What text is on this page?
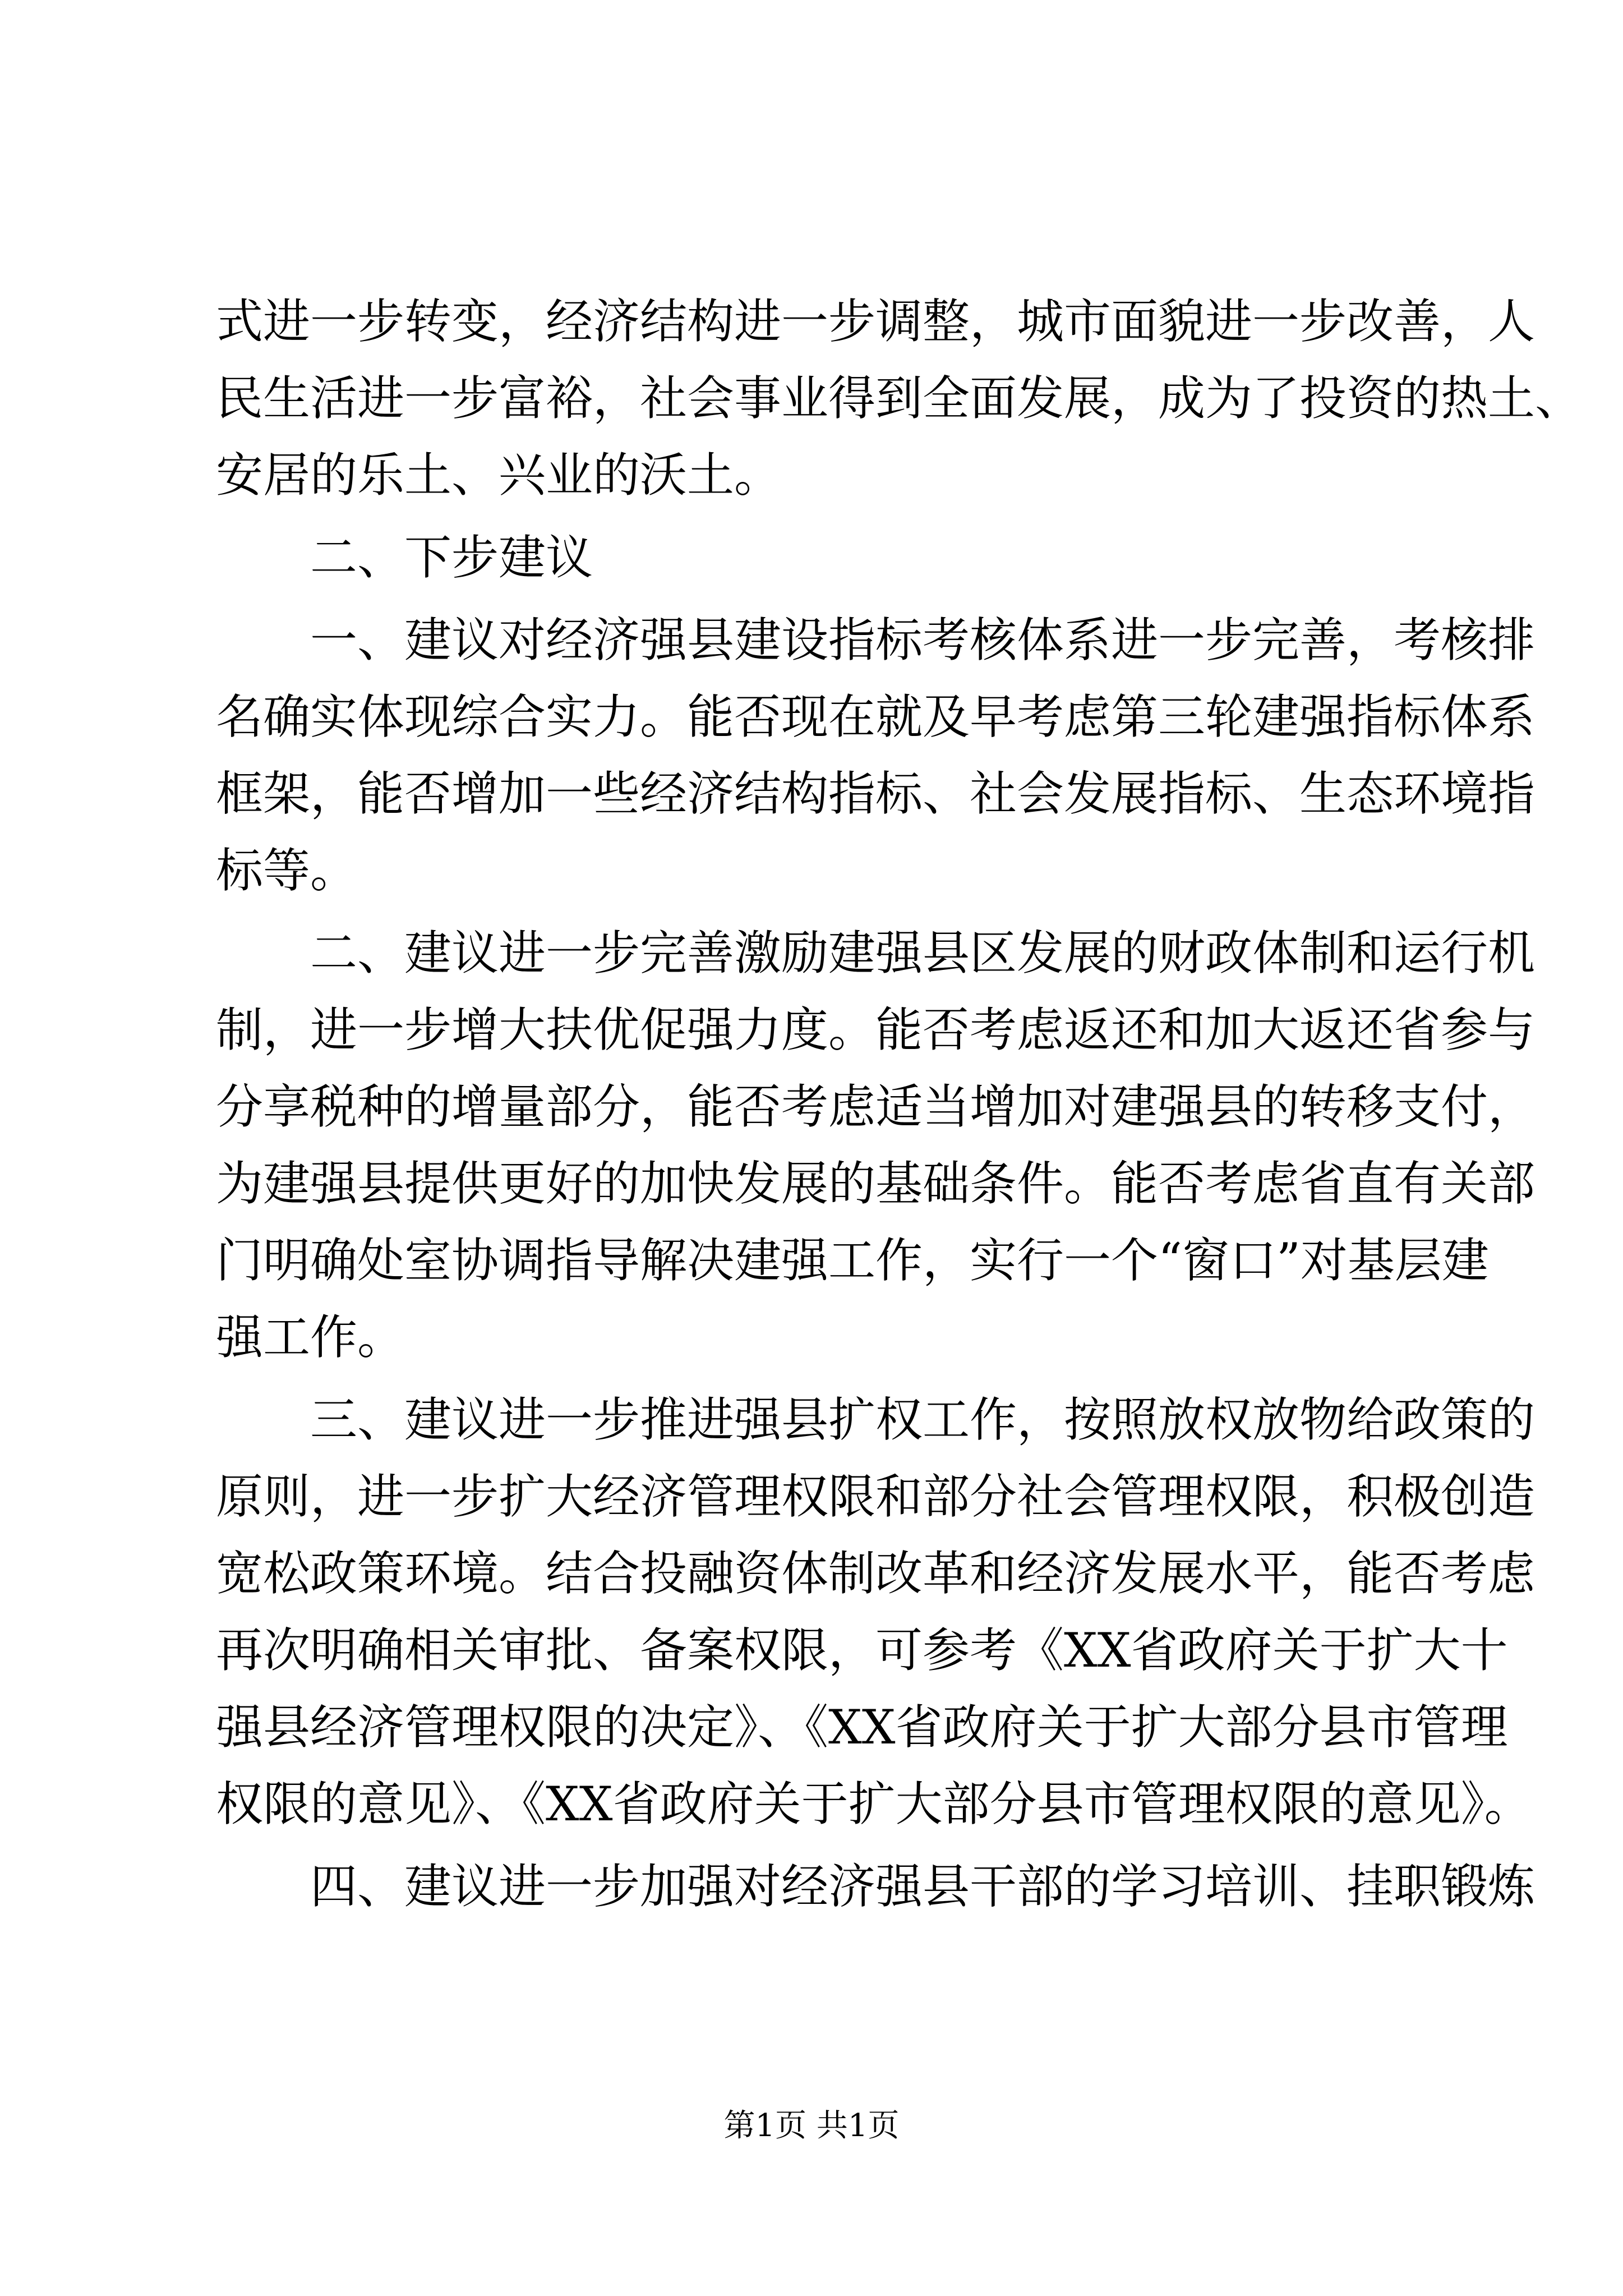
式进一步转变，经济结构进一步调整，城市面貌进一步改善，人
民生活进一步富裕，社会事业得到全面发展，成为了投资的热土、
安居的乐土、兴业的沃土。
二、下步建议
一、建议对经济强县建设指标考核体系进一步完善，考核排
名确实体现综合实力。能否现在就及早考虑第三轮建强指标体系
框架，能否增加一些经济结构指标、社会发展指标、生态环境指
标等。
二、建议进一步完善激励建强县区发展的财政体制和运行机
制，进一步增大扶优促强力度。能否考虑返还和加大返还省参与
分享税种的增量部分，能否考虑适当增加对建强县的转移支付，
为建强县提供更好的加快发展的基础条件。能否考虑省直有关部
门明确处室协调指导解决建强工作，实行一个“窗口”对基层建
强工作。
三、建议进一步推进强县扩权工作，按照放权放物给政策的
原则，进一步扩大经济管理权限和部分社会管理权限，积极创造
宽松政策环境。结合投融资体制改革和经济发展水平，能否考虑
再次明确相关审批、备案权限，可参考《XX省政府关于扩大十
强县经济管理权限的决定》、《XX省政府关于扩大部分县市管理
权限的意见》、《XX省政府关于扩大部分县市管理权限的意见》。
四、建议进一步加强对经济强县干部的学习培训、挂职锻炼
第1页 共1页
